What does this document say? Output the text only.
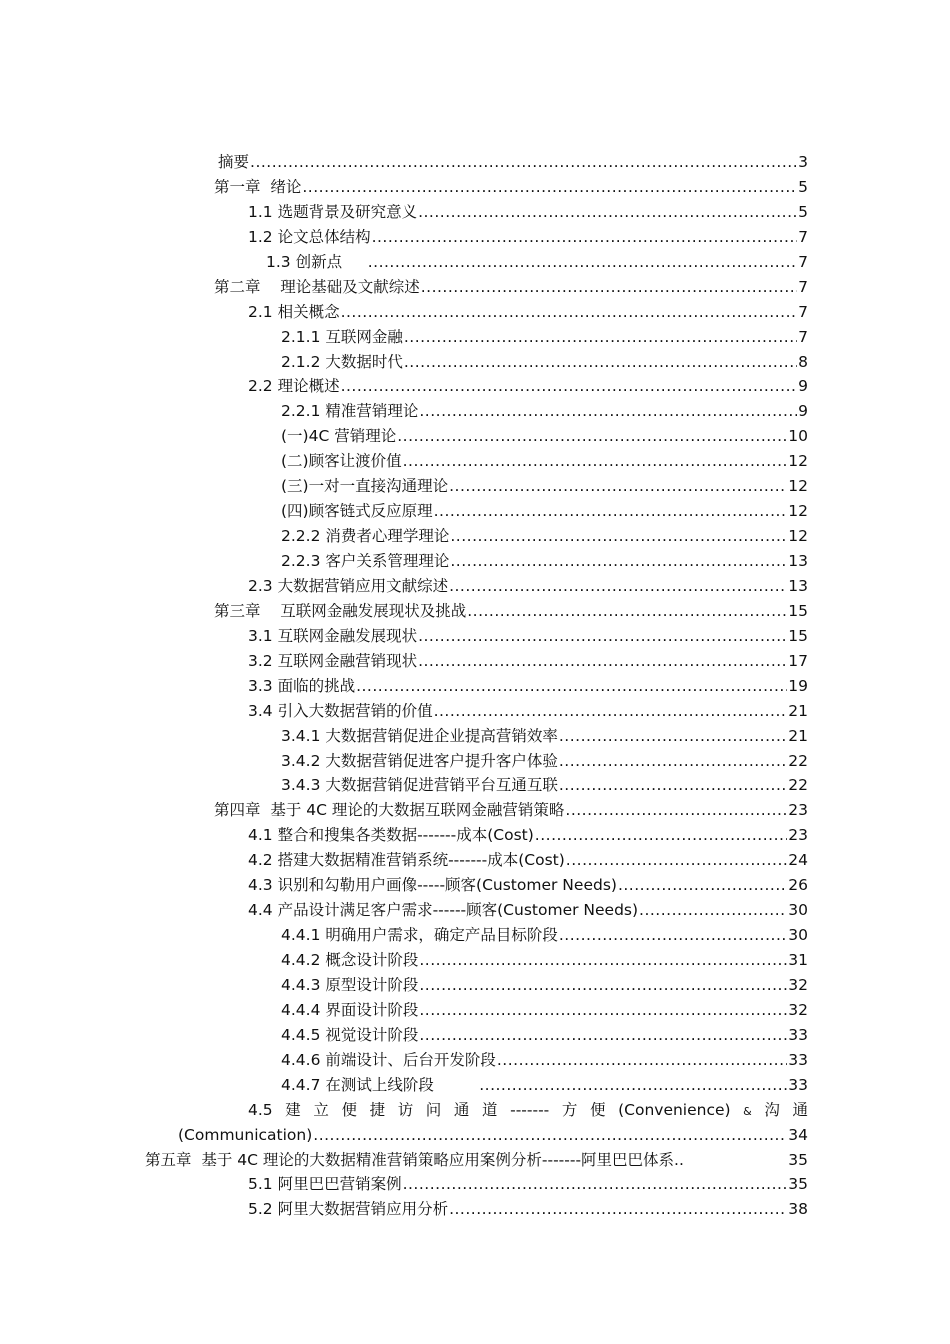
摘要 .....	3
第一章  绪论 .....	5
1.1 选题背景及研究意义 .....	5
1.2 论文总体结构 .....	7
1.3 创新点 .....	7
第二章    理论基础及文献综述 .....	7
2.1 相关概念 .....	7
2.1.1 互联网金融 .....	7
2.1.2 大数据时代 .....	8
2.2 理论概述 .....	9
2.2.1 精准营销理论 .....	9
(一)4C 营销理论 .....	10
(二)顾客让渡价值 .....	12
(三)一对一直接沟通理论 .....	12
(四)顾客链式反应原理 .....	12
2.2.2 消费者心理学理论 .....	12
2.2.3 客户关系管理理论 .....	13
2.3 大数据营销应用文献综述 .....	13
第三章    互联网金融发展现状及挑战 .....	15
3.1 互联网金融发展现状 .....	15
3.2 互联网金融营销现状 .....	17
3.3 面临的挑战 .....	19
3.4 引入大数据营销的价值 .....	21
3.4.1 大数据营销促进企业提高营销效率 .....	21
3.4.2 大数据营销促进客户提升客户体验 .....	22
3.4.3 大数据营销促进营销平台互通互联 .....	22
第四章  基于 4C 理论的大数据互联网金融营销策略 .....	23
4.1 整合和搜集各类数据-------成本(Cost) .....	23
4.2 搭建大数据精准营销系统-------成本(Cost) .....	24
4.3 识别和勾勒用户画像-----顾客(Customer Needs) .....	26
4.4 产品设计满足客户需求------顾客(Customer Needs) .....	30
4.4.1 明确用户需求，确定产品目标阶段 .....	30
4.4.2 概念设计阶段 .....	31
4.4.3 原型设计阶段 .....	32
4.4.4 界面设计阶段 .....	32
4.4.5 视觉设计阶段 .....	33
4.4.6 前端设计、后台开发阶段 .....	33
4.4.7 在测试上线阶段 .....	33
4.5 建 立 便 捷 访 问 通 道 ------- 方 便 (Convenience) & 沟 通
(Communication) .....	34
第五章  基于 4C 理论的大数据精准营销策略应用案例分析-------阿里巴巴体系..	35
5.1 阿里巴巴营销案例 .....	35
5.2 阿里大数据营销应用分析 .....	38
